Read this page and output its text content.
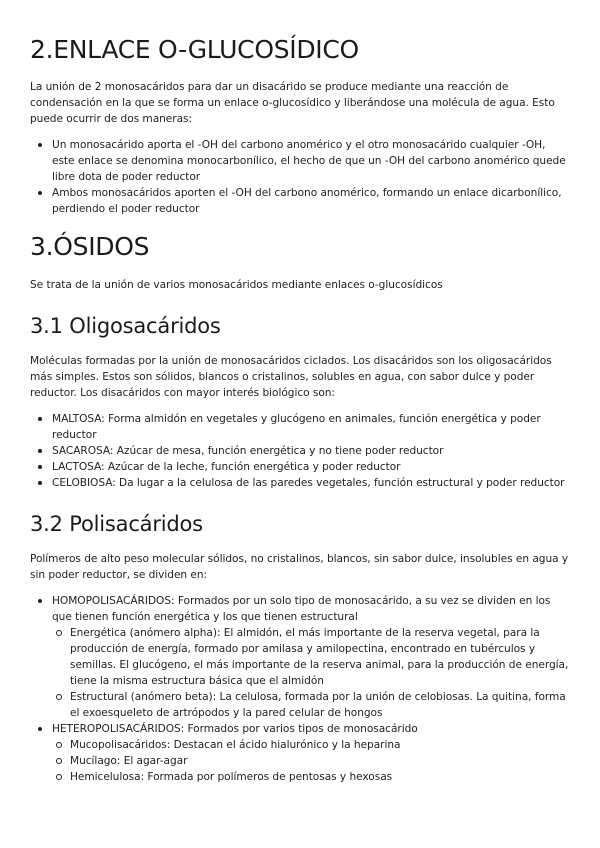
2.ENLACE O-GLUCOSÍDICO

La unión de 2 monosacáridos para dar un disacárido se produce mediante una reacción de condensación en la que se forma un enlace o-glucosídico y liberándose una molécula de agua. Esto puede ocurrir de dos maneras:

Un monosacárido aporta el -OH del carbono anomérico y el otro monosacárido cualquier -OH, este enlace se denomina monocarbonílico, el hecho de que un -OH del carbono anomérico quede libre dota de poder reductor
Ambos monosacáridos aporten el -OH del carbono anomérico, formando un enlace dicarbonílico, perdiendo el poder reductor
3.ÓSIDOS

Se trata de la unión de varios monosacáridos mediante enlaces o-glucosídicos

3.1 Oligosacáridos

Moléculas formadas por la unión de monosacáridos ciclados. Los disacáridos son los oligosacáridos más simples. Estos son sólidos, blancos o cristalinos, solubles en agua, con sabor dulce y poder reductor. Los disacáridos con mayor interés biológico son:

MALTOSA: Forma almidón en vegetales y glucógeno en animales, función energética y poder reductor
SACAROSA: Azúcar de mesa, función energética y no tiene poder reductor
LACTOSA: Azúcar de la leche, función energética y poder reductor
CELOBIOSA: Da lugar a la celulosa de las paredes vegetales, función estructural y poder reductor
3.2 Polisacáridos

Polímeros de alto peso molecular sólidos, no cristalinos, blancos, sin sabor dulce, insolubles en agua y sin poder reductor, se dividen en:

HOMOPOLISACÁRIDOS: Formados por un solo tipo de monosacárido, a su vez se dividen en los que tienen función energética y los que tienen estructural
Energética (anómero alpha): El almidón, el más importante de la reserva vegetal, para la producción de energía, formado por amilasa y amilopectina, encontrado en tubérculos y semillas. El glucógeno, el más importante de la reserva animal, para la producción de energía, tiene la misma estructura básica que el almidón
Estructural (anómero beta): La celulosa, formada por la unión de celobiosas. La quitina, forma el exoesqueleto de artrópodos y la pared celular de hongos
HETEROPOLISACÁRIDOS: Formados por varios tipos de monosacárido
Mucopolisacáridos: Destacan el ácido hialurónico y la heparina
Mucílago: El agar-agar
Hemicelulosa: Formada por polímeros de pentosas y hexosas
